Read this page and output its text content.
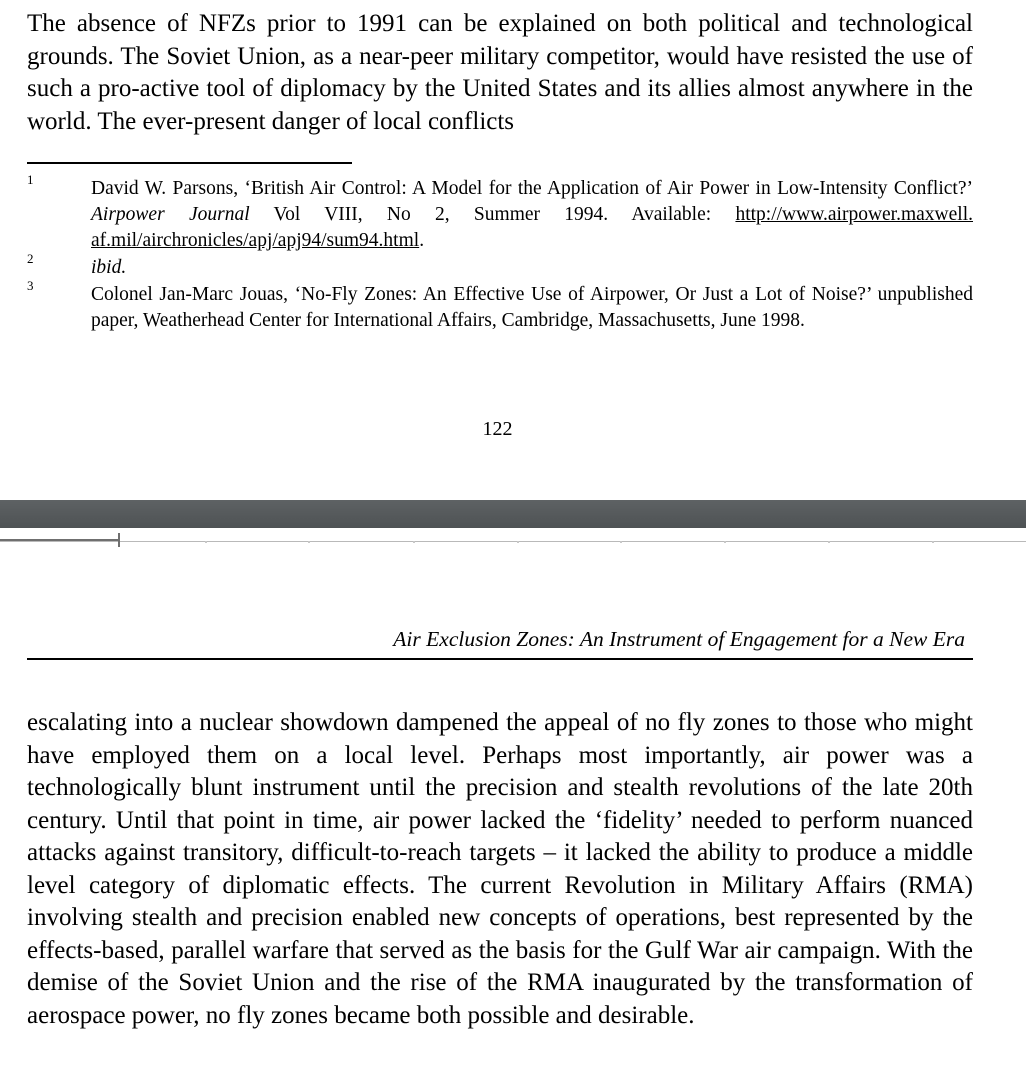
The absence of NFZs prior to 1991 can be explained on both political and technological grounds. The Soviet Union, as a near-peer military competitor, would have resisted the use of such a pro-active tool of diplomacy by the United States and its allies almost anywhere in the world. The ever-present danger of local conflicts

1	David W. Parsons, ‘British Air Control: A Model for the Application of Air Power in Low-Intensity Conflict?’ Airpower Journal Vol VIII, No 2, Summer 1994. Available: http://www.airpower.maxwell. af.mil/airchronicles/apj/apj94/sum94.html.

2	ibid.

3	Colonel Jan-Marc Jouas, ‘No-Fly Zones: An Effective Use of Airpower, Or Just a Lot of Noise?’ unpublished paper, Weatherhead Center for International Affairs, Cambridge, Massachusetts, June 1998.

122
Air Exclusion Zones: An Instrument of Engagement for a New Era

escalating into a nuclear showdown dampened the appeal of no fly zones to those who might have employed them on a local level. Perhaps most importantly, air power was a technologically blunt instrument until the precision and stealth revolutions of the late 20th century. Until that point in time, air power lacked the ‘fidelity’ needed to perform nuanced attacks against transitory, difficult-to-reach targets – it lacked the ability to produce a middle level category of diplomatic effects. The current Revolution in Military Affairs (RMA) involving stealth and precision enabled new concepts of operations, best represented by the effects-based, parallel warfare that served as the basis for the Gulf War air campaign. With the demise of the Soviet Union and the rise of the RMA inaugurated by the transformation of aerospace power, no fly zones became both possible and desirable.
